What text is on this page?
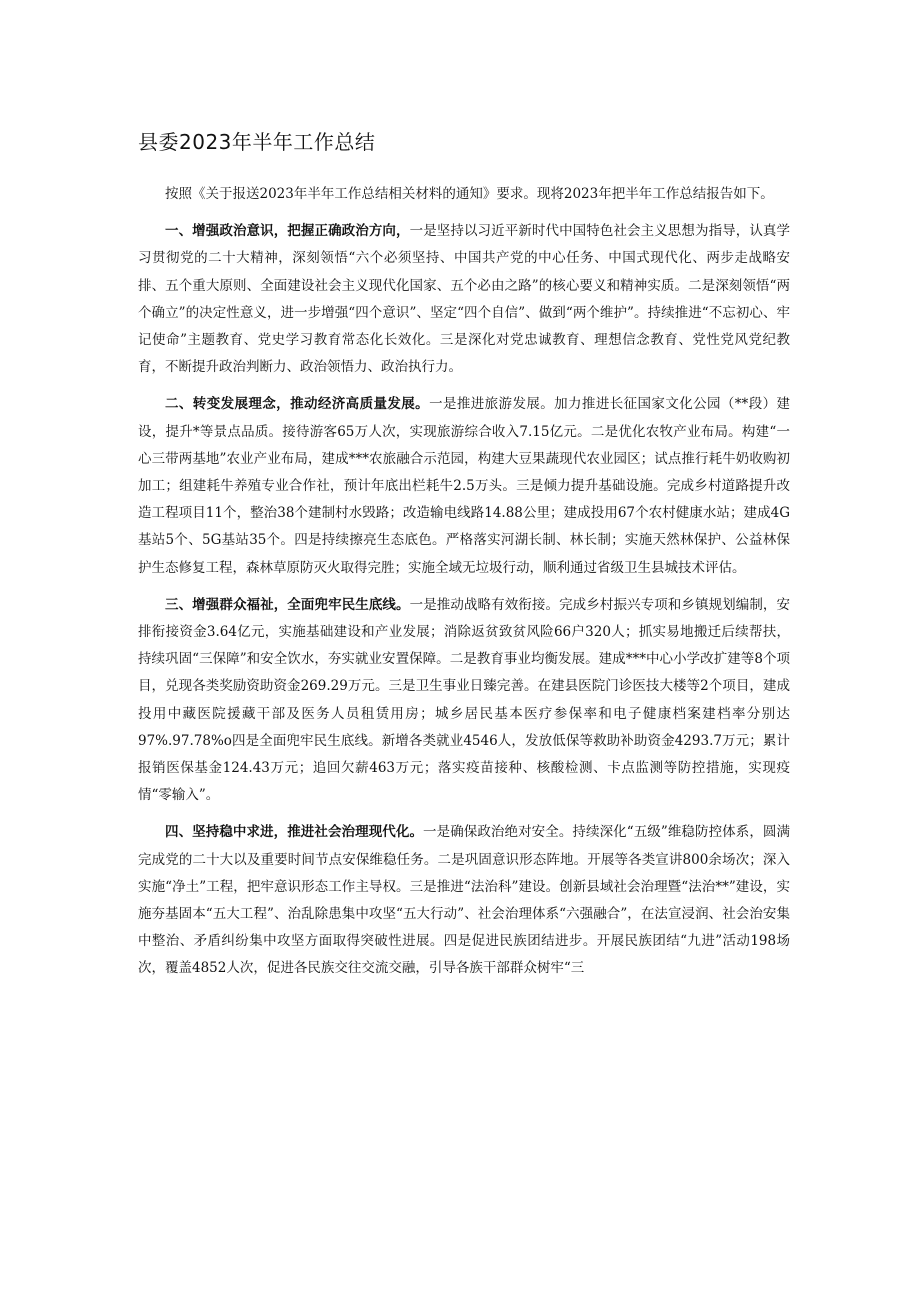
县委2023年半年工作总结

按照《关于报送2023年半年工作总结相关材料的通知》要求。现将2023年把半年工作总结报告如下。

一、增强政治意识，把握正确政治方向，一是坚持以习近平新时代中国特色社会主义思想为指导，认真学习贯彻党的二十大精神，深刻领悟“六个必须坚持、中国共产党的中心任务、中国式现代化、两步走战略安排、五个重大原则、全面建设社会主义现代化国家、五个必由之路”的核心要义和精神实质。二是深刻领悟“两个确立”的决定性意义，进一步增强“四个意识”、坚定“四个自信”、做到“两个维护”。持续推进“不忘初心、牢记使命”主题教育、党史学习教育常态化长效化。三是深化对党忠诚教育、理想信念教育、党性党风党纪教育，不断提升政治判断力、政治领悟力、政治执行力。

二、转变发展理念，推动经济高质量发展。一是推进旅游发展。加力推进长征国家文化公园（**段）建设，提升*等景点品质。接待游客65万人次，实现旅游综合收入7.15亿元。二是优化农牧产业布局。构建“一心三带两基地”农业产业布局，建成***农旅融合示范园，构建大豆果蔬现代农业园区；试点推行耗牛奶收购初加工；组建耗牛养殖专业合作社，预计年底出栏耗牛2.5万头。三是倾力提升基础设施。完成乡村道路提升改造工程项目11个，整治38个建制村水毁路；改造输电线路14.88公里；建成投用67个农村健康水站；建成4G基站5个、5G基站35个。四是持续擦亮生态底色。严格落实河湖长制、林长制；实施天然林保护、公益林保护生态修复工程，森林草原防灭火取得完胜；实施全域无垃圾行动，顺利通过省级卫生县城技术评估。

三、增强群众福祉，全面兜牢民生底线。一是推动战略有效衔接。完成乡村振兴专项和乡镇规划编制，安排衔接资金3.64亿元，实施基础建设和产业发展；消除返贫致贫风险66户320人；抓实易地搬迁后续帮扶，持续巩固“三保障”和安全饮水，夯实就业安置保障。二是教育事业均衡发展。建成***中心小学改扩建等8个项目，兑现各类奖励资助资金269.29万元。三是卫生事业日臻完善。在建县医院门诊医技大楼等2个项目，建成投用中藏医院援藏干部及医务人员租赁用房；城乡居民基本医疗参保率和电子健康档案建档率分别达97%.97.78%o四是全面兜牢民生底线。新增各类就业4546人，发放低保等救助补助资金4293.7万元；累计报销医保基金124.43万元；追回欠薪463万元；落实疫苗接种、核酸检测、卡点监测等防控措施，实现疫情“零输入”。

四、坚持稳中求进，推进社会治理现代化。一是确保政治绝对安全。持续深化“五级”维稳防控体系，圆满完成党的二十大以及重要时间节点安保维稳任务。二是巩固意识形态阵地。开展等各类宣讲800余场次；深入实施“净土”工程，把牢意识形态工作主导权。三是推进“法治科”建设。创新县域社会治理暨“法治**”建设，实施夯基固本“五大工程”、治乱除患集中攻坚“五大行动”、社会治理体系“六强融合”，在法宣浸润、社会治安集中整治、矛盾纠纷集中攻坚方面取得突破性进展。四是促进民族团结进步。开展民族团结“九进”活动198场次，覆盖4852人次，促进各民族交往交流交融，引导各族干部群众树牢“三
